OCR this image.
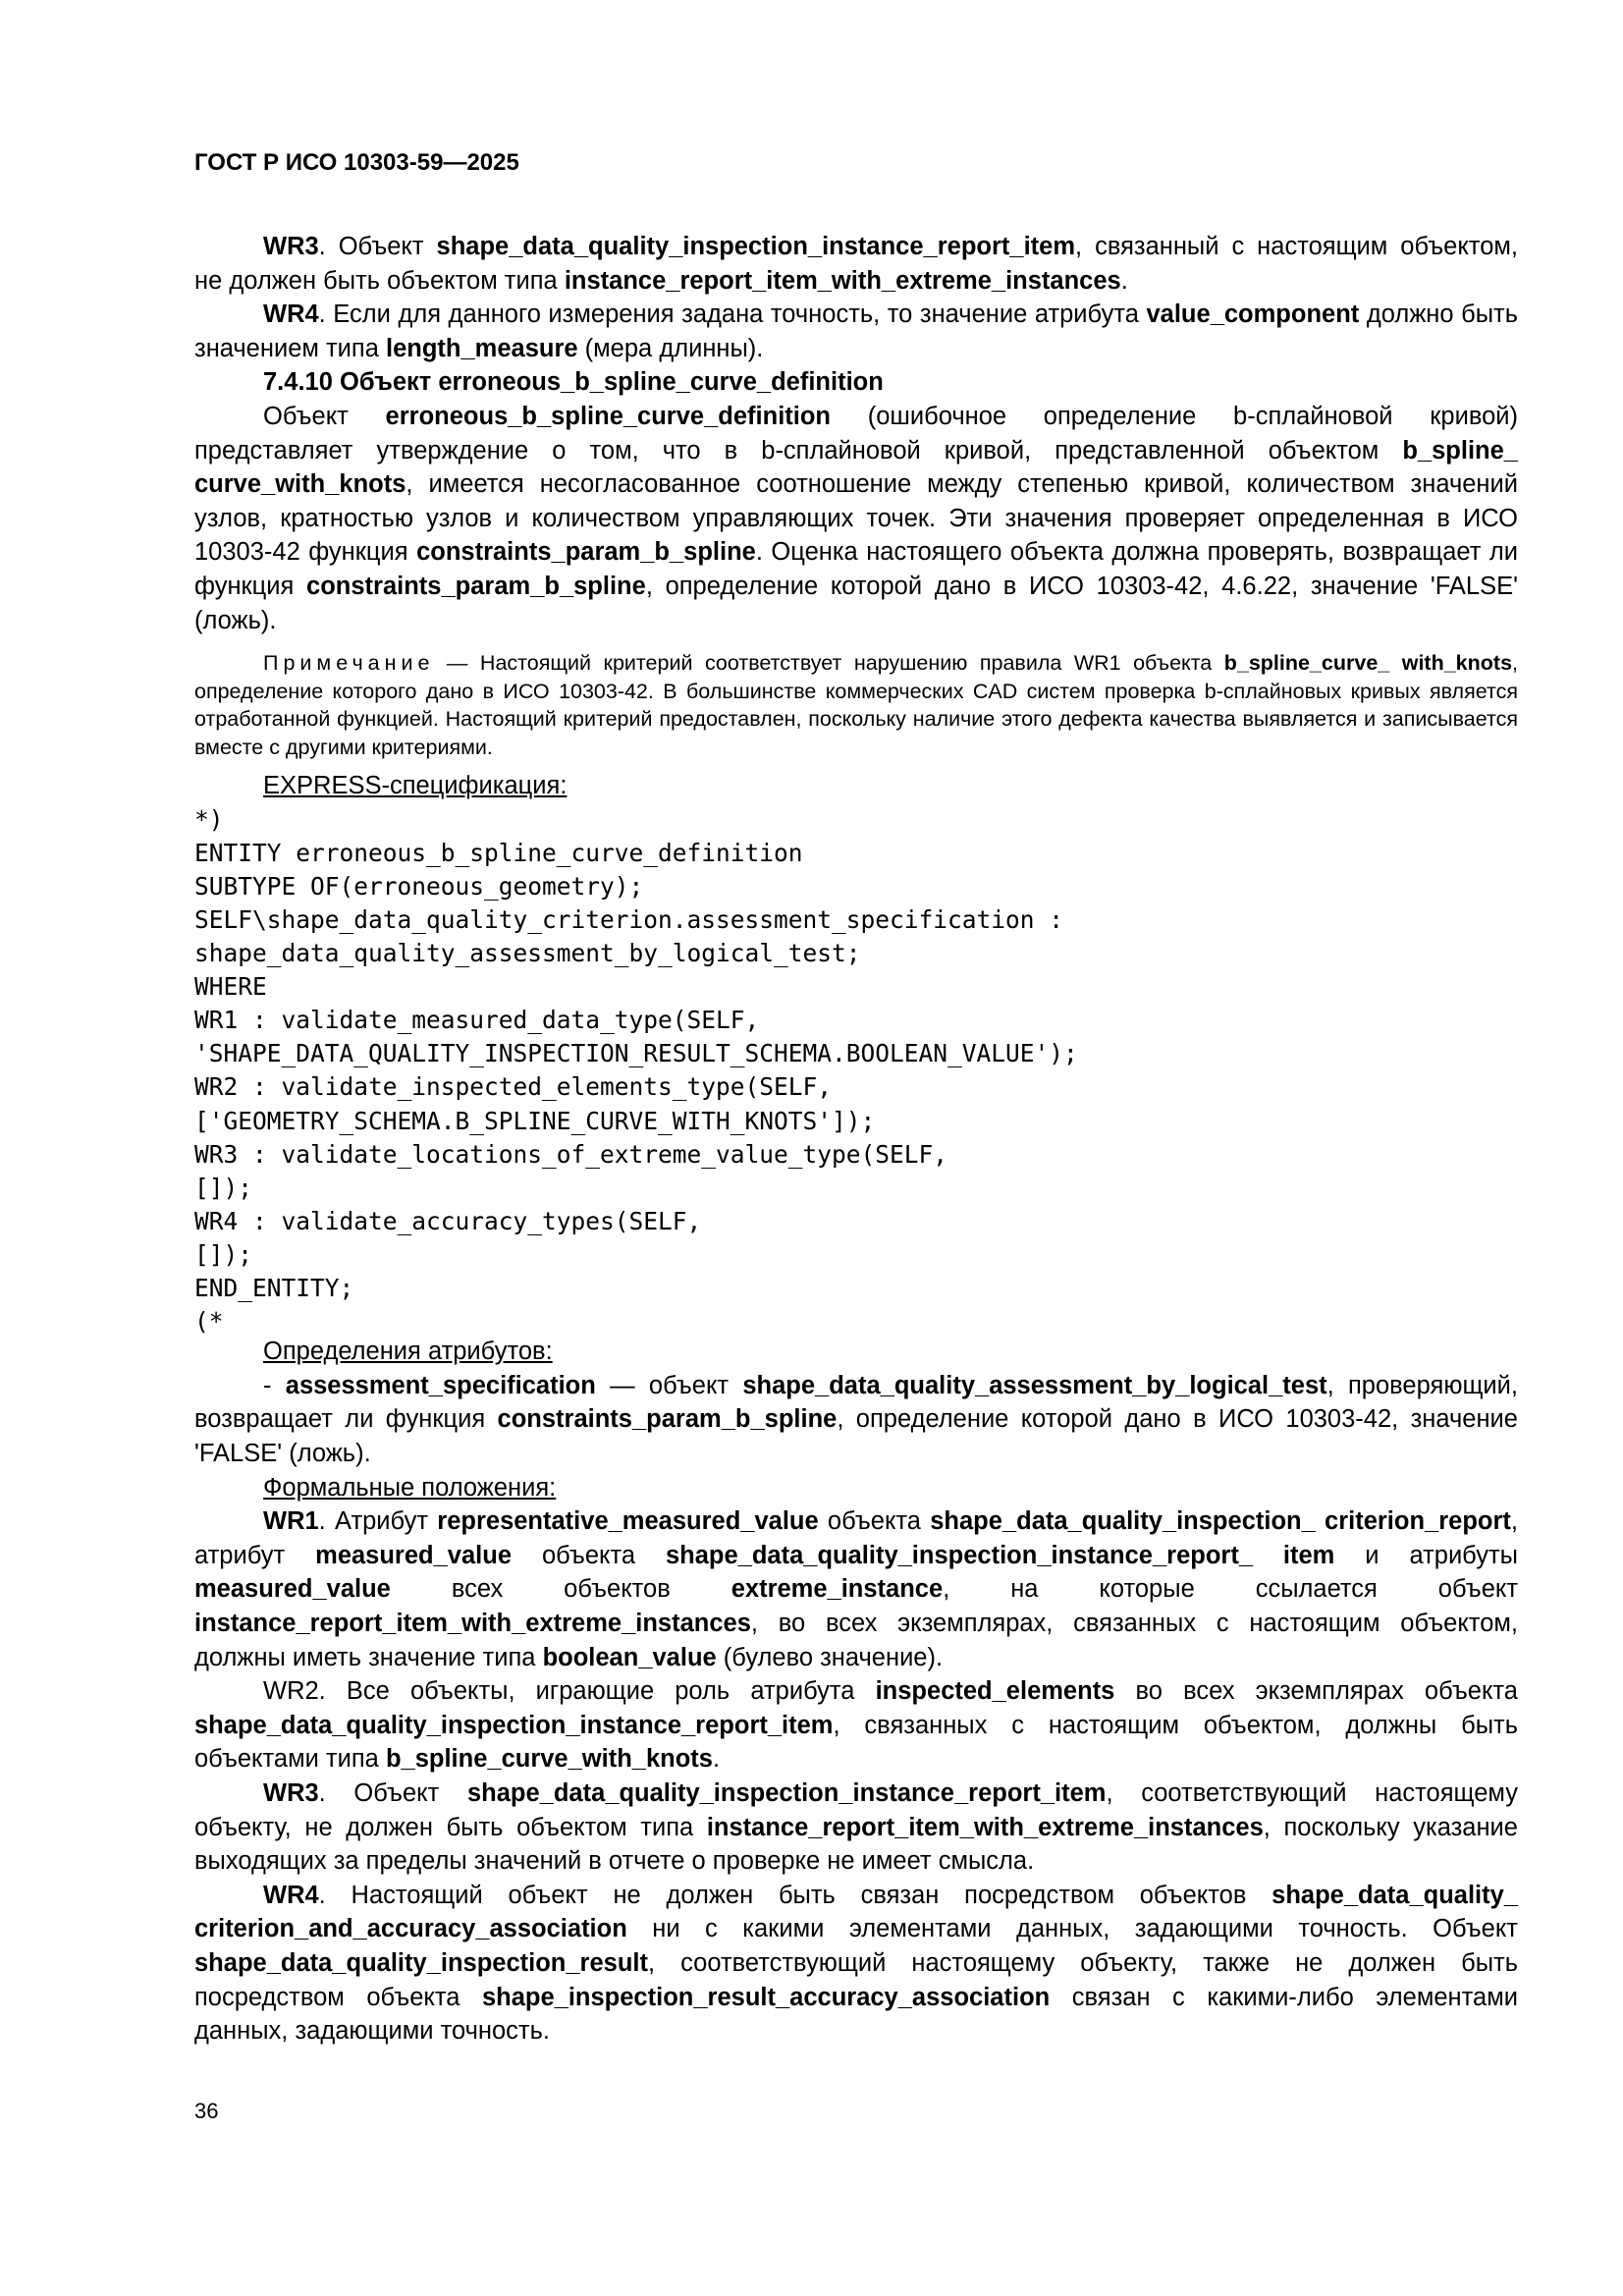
ГОСТ Р ИСО 10303-59—2025

WR3. Объект shape_data_quality_inspection_instance_report_item, связанный с настоящим объектом, не должен быть объектом типа instance_report_item_with_extreme_instances.

WR4. Если для данного измерения задана точность, то значение атрибута value_component должно быть значением типа length_measure (мера длинны).

7.4.10 Объект erroneous_b_spline_curve_definition

Объект erroneous_b_spline_curve_definition (ошибочное определение b-сплайновой кривой) представляет утверждение о том, что в b-сплайновой кривой, представленной объектом b_spline_ curve_with_knots, имеется несогласованное соотношение между степенью кривой, количеством значений узлов, кратностью узлов и количеством управляющих точек. Эти значения проверяет определенная в ИСО 10303-42 функция constraints_param_b_spline. Оценка настоящего объекта должна проверять, возвращает ли функция constraints_param_b_spline, определение которой дано в ИСО 10303-42, 4.6.22, значение 'FALSE' (ложь).

Примечание — Настоящий критерий соответствует нарушению правила WR1 объекта b_spline_curve_ with_knots, определение которого дано в ИСО 10303-42. В большинстве коммерческих CAD систем проверка b-сплайновых кривых является отработанной функцией. Настоящий критерий предоставлен, поскольку наличие этого дефекта качества выявляется и записывается вместе с другими критериями.

EXPRESS-спецификация:

*)
ENTITY erroneous_b_spline_curve_definition
SUBTYPE OF(erroneous_geometry);
SELF\shape_data_quality_criterion.assessment_specification :
shape_data_quality_assessment_by_logical_test;
WHERE
WR1 : validate_measured_data_type(SELF,
'SHAPE_DATA_QUALITY_INSPECTION_RESULT_SCHEMA.BOOLEAN_VALUE');
WR2 : validate_inspected_elements_type(SELF,
['GEOMETRY_SCHEMA.B_SPLINE_CURVE_WITH_KNOTS']);
WR3 : validate_locations_of_extreme_value_type(SELF,
[]);
WR4 : validate_accuracy_types(SELF,
[]);
END_ENTITY;
(*

Определения атрибутов:

- assessment_specification — объект shape_data_quality_assessment_by_logical_test, проверяющий, возвращает ли функция constraints_param_b_spline, определение которой дано в ИСО 10303-42, значение 'FALSE' (ложь).

Формальные положения:

WR1. Атрибут representative_measured_value объекта shape_data_quality_inspection_ criterion_report, атрибут measured_value объекта shape_data_quality_inspection_instance_report_ item и атрибуты measured_value всех объектов extreme_instance, на которые ссылается объект instance_report_item_with_extreme_instances, во всех экземплярах, связанных с настоящим объектом, должны иметь значение типа boolean_value (булево значение).

WR2. Все объекты, играющие роль атрибута inspected_elements во всех экземплярах объекта shape_data_quality_inspection_instance_report_item, связанных с настоящим объектом, должны быть объектами типа b_spline_curve_with_knots.

WR3. Объект shape_data_quality_inspection_instance_report_item, соответствующий настоящему объекту, не должен быть объектом типа instance_report_item_with_extreme_instances, поскольку указание выходящих за пределы значений в отчете о проверке не имеет смысла.

WR4. Настоящий объект не должен быть связан посредством объектов shape_data_quality_ criterion_and_accuracy_association ни с какими элементами данных, задающими точность. Объект shape_data_quality_inspection_result, соответствующий настоящему объекту, также не должен быть посредством объекта shape_inspection_result_accuracy_association связан с какими-либо элементами данных, задающими точность.

36
